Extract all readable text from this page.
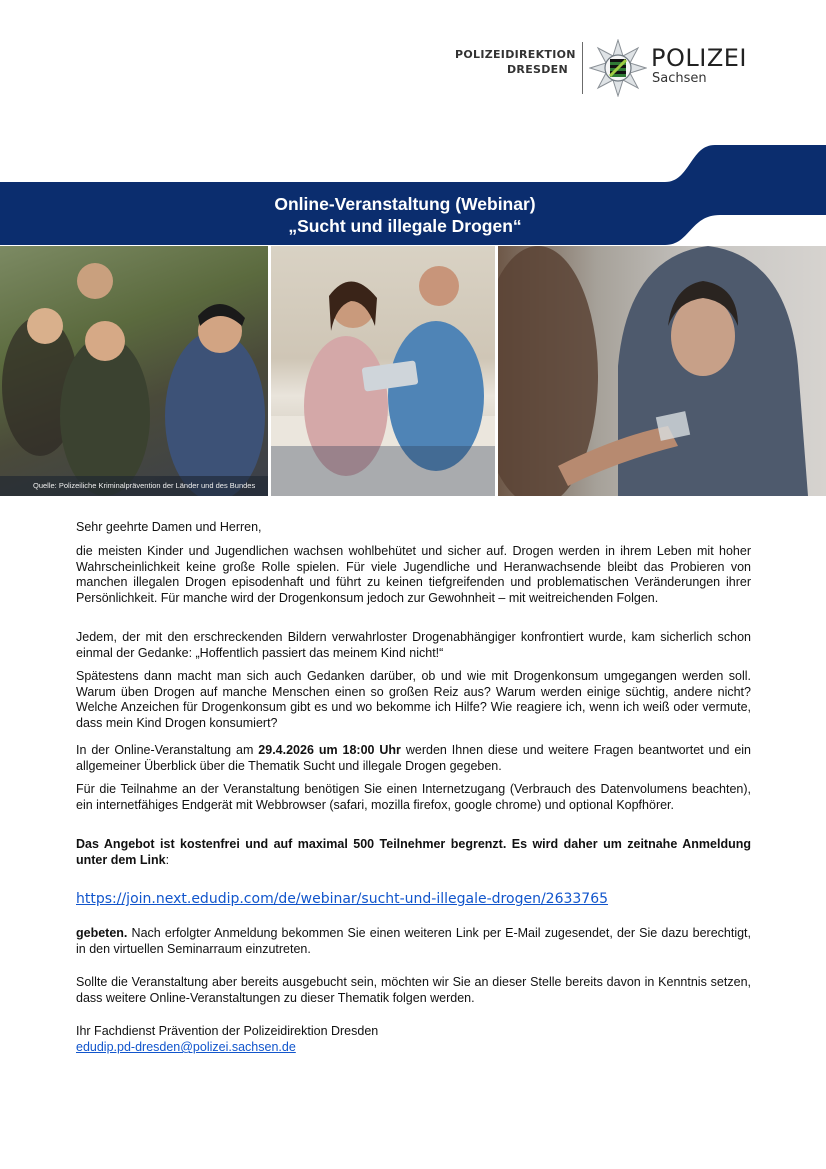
POLIZEIDIREKTION
DRESDEN	POLIZEI
Sachsen
Online-Veranstaltung (Webinar)
„Sucht und illegale Drogen“
Quelle: Polizeiliche Kriminalprävention der Länder und des Bundes
Sehr geehrte Damen und Herren,
die meisten Kinder und Jugendlichen wachsen wohlbehütet und sicher auf. Drogen werden in ihrem Leben mit hoher Wahrscheinlichkeit keine große Rolle spielen. Für viele Jugendliche und Heranwachsende bleibt das Probieren von manchen illegalen Drogen episodenhaft und führt zu keinen tiefgreifenden und problematischen Veränderungen ihrer Persönlichkeit. Für manche wird der Drogenkonsum jedoch zur Gewohnheit – mit weitreichenden Folgen.
Jedem, der mit den erschreckenden Bildern verwahrloster Drogenabhängiger konfrontiert wurde, kam sicherlich schon einmal der Gedanke: „Hoffentlich passiert das meinem Kind nicht!“
Spätestens dann macht man sich auch Gedanken darüber, ob und wie mit Drogenkonsum umgegangen werden soll. Warum üben Drogen auf manche Menschen einen so großen Reiz aus? Warum werden einige süchtig, andere nicht? Welche Anzeichen für Drogenkonsum gibt es und wo bekomme ich Hilfe? Wie reagiere ich, wenn ich weiß oder vermute, dass mein Kind Drogen konsumiert?
In der Online-Veranstaltung am 29.4.2026 um 18:00 Uhr werden Ihnen diese und weitere Fragen beantwortet und ein allgemeiner Überblick über die Thematik Sucht und illegale Drogen gegeben.
Für die Teilnahme an der Veranstaltung benötigen Sie einen Internetzugang (Verbrauch des Datenvolumens beachten), ein internetfähiges Endgerät mit Webbrowser (safari, mozilla firefox, google chrome) und optional Kopfhörer.
Das Angebot ist kostenfrei und auf maximal 500 Teilnehmer begrenzt. Es wird daher um zeitnahe Anmeldung unter dem Link:
https://join.next.edudip.com/de/webinar/sucht-und-illegale-drogen/2633765
gebeten. Nach erfolgter Anmeldung bekommen Sie einen weiteren Link per E-Mail zugesendet, der Sie dazu berechtigt, in den virtuellen Seminarraum einzutreten.
Sollte die Veranstaltung aber bereits ausgebucht sein, möchten wir Sie an dieser Stelle bereits davon in Kenntnis setzen, dass weitere Online-Veranstaltungen zu dieser Thematik folgen werden.
Ihr Fachdienst Prävention der Polizeidirektion Dresden
edudip.pd-dresden@polizei.sachsen.de
